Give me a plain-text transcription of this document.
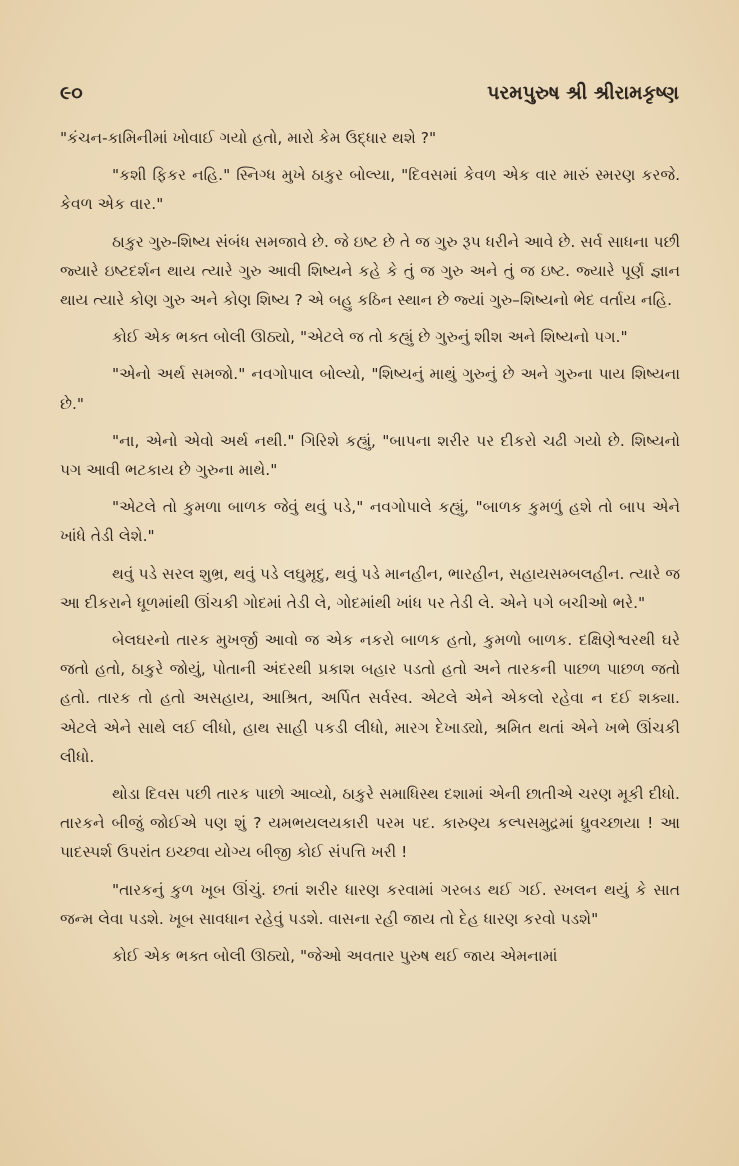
૯૦	પરમપુરુષ શ્રી શ્રીરામકૃષ્ણ

"કંચન-કામિનીમાં ખોવાઈ ગયો હતો, મારો કેમ ઉદ્ધાર થશે ?"

"કશી ફિકર નહિ." સ્નિગ્ધ મુખે ઠાકુર બોલ્યા, "દિવસમાં કેવળ એક વાર મારું સ્મરણ કરજે. કેવળ એક વાર."

ઠાકુર ગુરુ-શિષ્ય સંબંધ સમજાવે છે. જે ઇષ્ટ છે તે જ ગુરુ રૂપ ધરીને આવે છે. સર્વ સાધના પછી જ્યારે ઇષ્ટદર્શન થાય ત્યારે ગુરુ આવી શિષ્યને કહે કે તું જ ગુરુ અને તું જ ઇષ્ટ. જ્યારે પૂર્ણ જ્ઞાન થાય ત્યારે કોણ ગુરુ અને કોણ શિષ્ય ? એ બહુ કઠિન સ્થાન છે જ્યાં ગુરુ–શિષ્યનો ભેદ વર્તાય નહિ.

કોઈ એક ભક્ત બોલી ઊઠ્યો, "એટલે જ તો કહ્યું છે ગુરુનું શીશ અને શિષ્યનો પગ."

"એનો અર્થ સમજો." નવગોપાલ બોલ્યો, "શિષ્યનું માથું ગુરુનું છે અને ગુરુના પાય શિષ્યના છે."

"ના, એનો એવો અર્થ નથી." ગિરિશે કહ્યું, "બાપના શરીર પર દીકરો ચઢી ગયો છે. શિષ્યનો પગ આવી ભટકાય છે ગુરુના માથે."

"એટલે તો કુમળા બાળક જેવું થવું પડે," નવગોપાલે કહ્યું, "બાળક કુમળું હશે તો બાપ એને ખાંધે તેડી લેશે."

થવું પડે સરલ શુભ્ર, થવું પડે લઘુમૃદુ, થવું પડે માનહીન, ભારહીન, સહાયસમ્બલહીન. ત્યારે જ આ દીકરાને ધૂળમાંથી ઊંચકી ગોદમાં તેડી લે, ગોદમાંથી ખાંધ પર તેડી લે. એને પગે બચીઓ ભરે."

બેલઘરનો તારક મુખર્જી આવો જ એક નકરો બાળક હતો, કુમળો બાળક. દક્ષિણેશ્વરથી ઘરે જતો હતો, ઠાકુરે જોયું, પોતાની અંદરથી પ્રકાશ બહાર પડતો હતો અને તારકની પાછળ પાછળ જતો હતો. તારક તો હતો અસહાય, આશ્રિત, અર્પિત સર્વસ્વ. એટલે એને એકલો રહેવા ન દઈ શક્યા. એટલે એને સાથે લઈ લીધો, હાથ સાહી પકડી લીધો, મારગ દેખાડ્યો, શ્રમિત થતાં એને ખભે ઊંચકી લીધો.

થોડા દિવસ પછી તારક પાછો આવ્યો, ઠાકુરે સમાધિસ્થ દશામાં એની છાતીએ ચરણ મૂકી દીધો. તારકને બીજું જોઈએ પણ શું ? યમભયલયકારી પરમ પદ. કારુણ્ય કલ્પસમુદ્રમાં ધ્રુવચ્છાયા ! આ પાદસ્પર્શ ઉપરાંત ઇચ્છવા યોગ્ય બીજી કોઈ સંપત્તિ ખરી !

"તારકનું કુળ ખૂબ ઊંચું. છતાં શરીર ધારણ કરવામાં ગરબડ થઈ ગઈ. સ્ખલન થયું કે સાત જન્મ લેવા પડશે. ખૂબ સાવધાન રહેવું પડશે. વાસના રહી જાય તો દેહ ધારણ કરવો પડશે"

કોઈ એક ભક્ત બોલી ઊઠ્યો, "જેઓ અવતાર પુરુષ થઈ જાય એમનામાં
